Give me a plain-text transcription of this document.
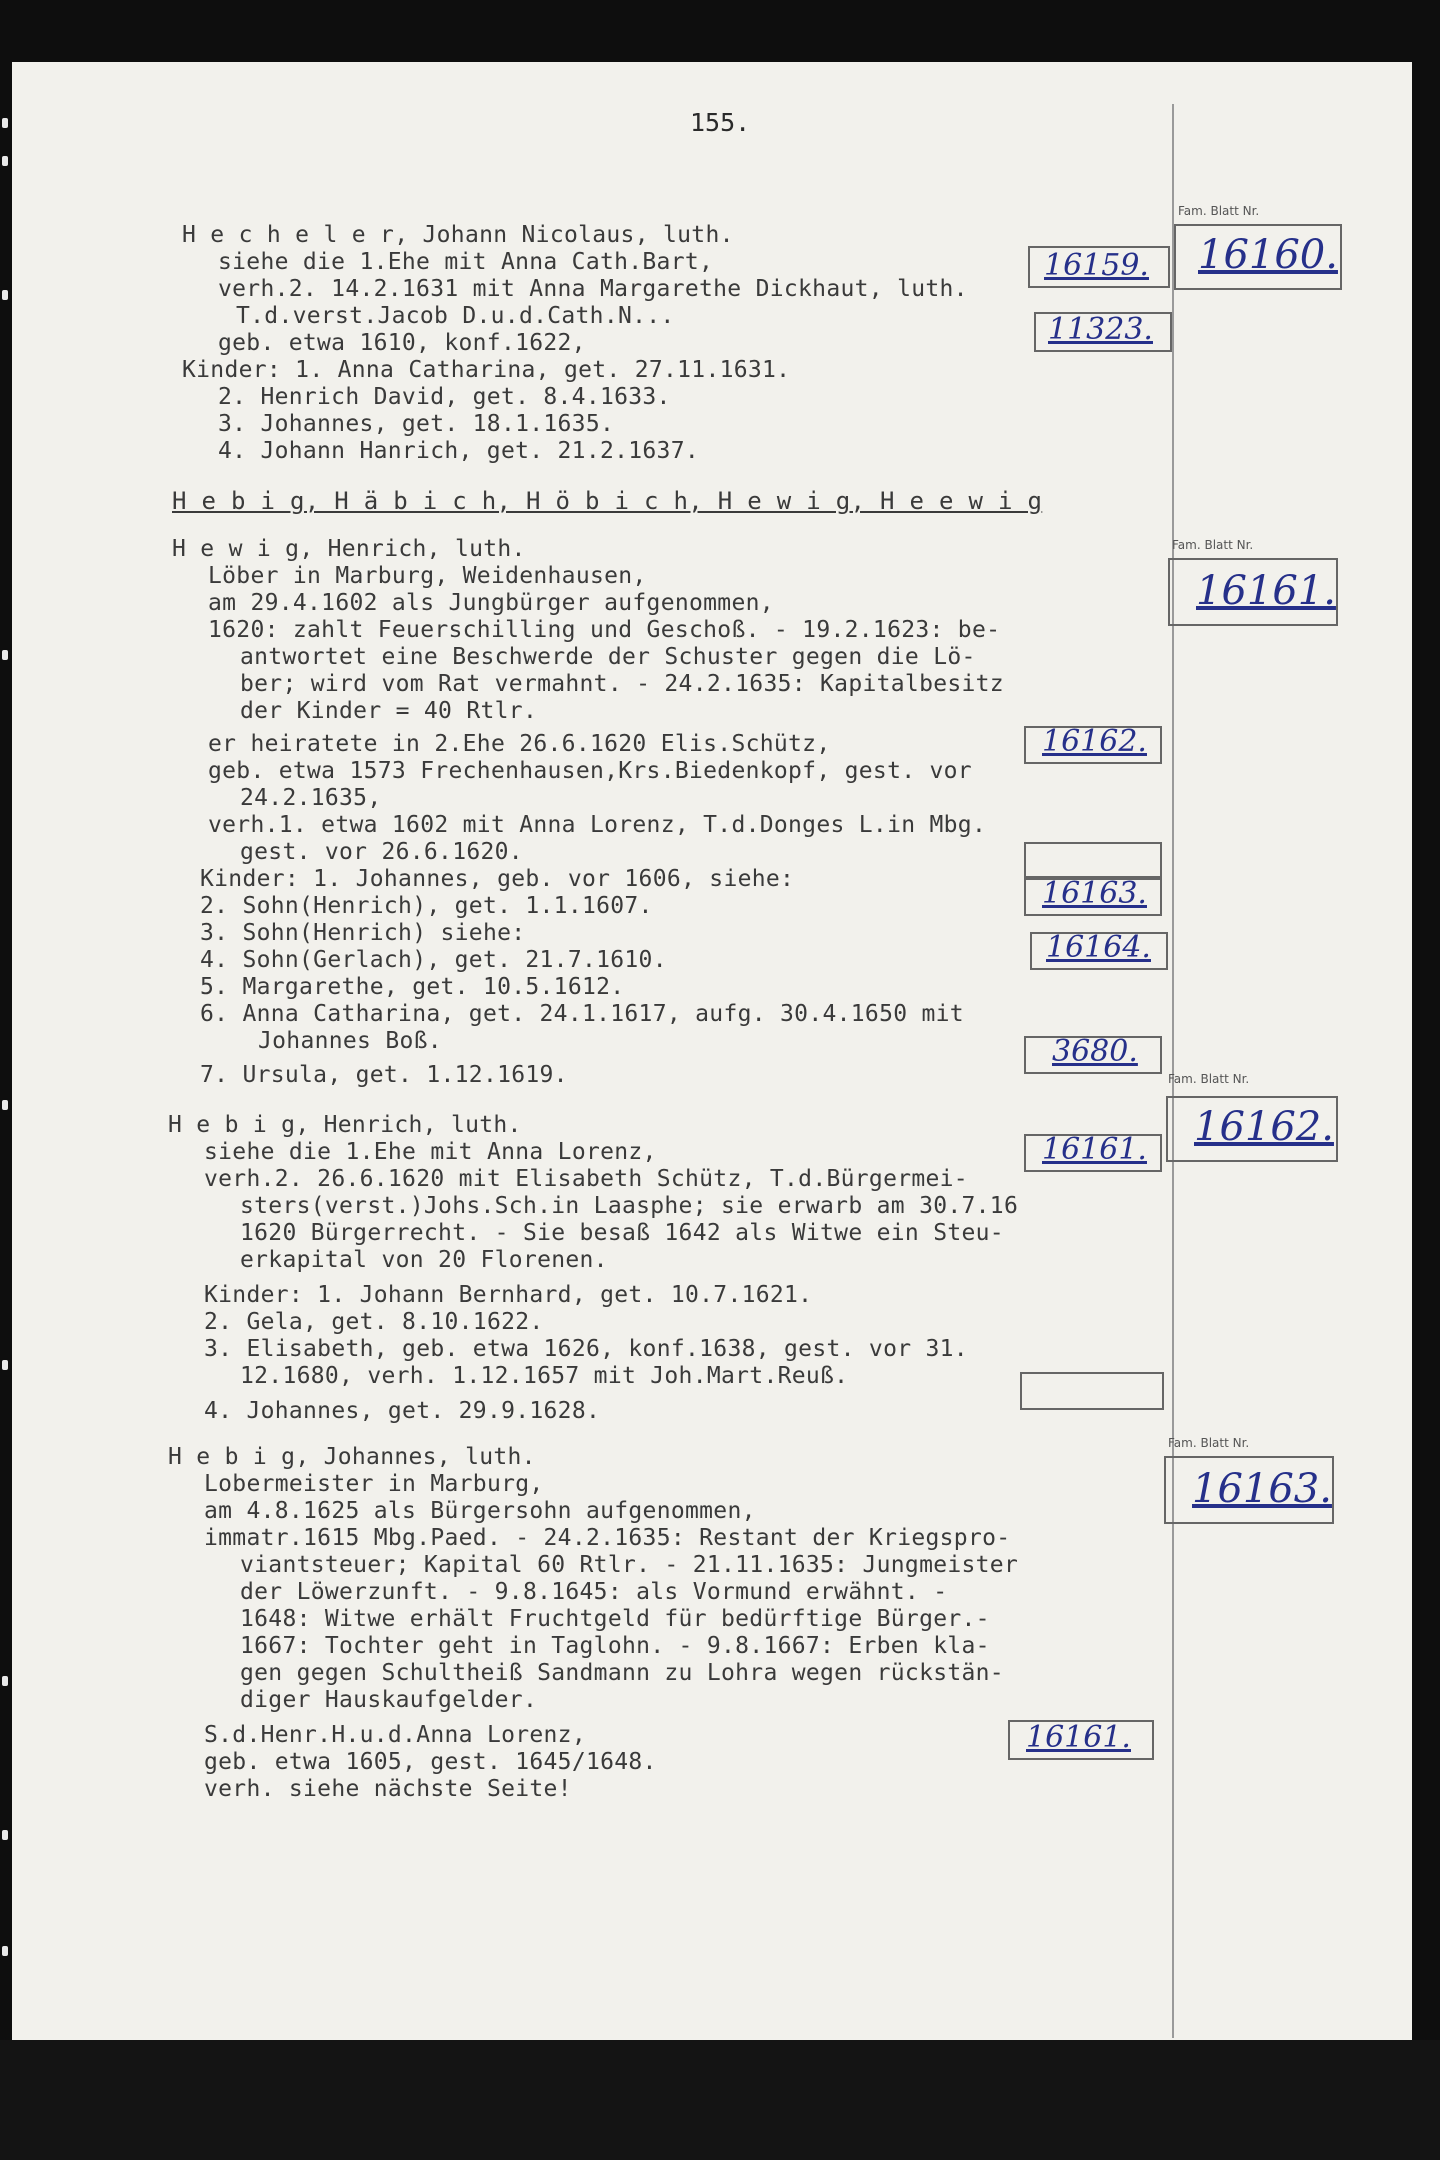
155.
Fam. Blatt Nr.
Fam. Blatt Nr.
Fam. Blatt Nr.
Fam. Blatt Nr.
H e c h e l e r, Johann Nicolaus, luth.
siehe die 1.Ehe mit Anna Cath.Bart,
verh.2. 14.2.1631 mit Anna Margarethe Dickhaut, luth.
T.d.verst.Jacob D.u.d.Cath.N...
geb. etwa 1610, konf.1622,
Kinder: 1. Anna Catharina, get. 27.11.1631.
2. Henrich David, get. 8.4.1633.
3. Johannes, get. 18.1.1635.
4. Johann Hanrich, get. 21.2.1637.
H e b i g, H ä b i c h, H ö b i c h, H e w i g, H e e w i g
H e w i g, Henrich, luth.
Löber in Marburg, Weidenhausen,
am 29.4.1602 als Jungbürger aufgenommen,
1620: zahlt Feuerschilling und Geschoß. - 19.2.1623: be-
antwortet eine Beschwerde der Schuster gegen die Lö-
ber; wird vom Rat vermahnt. - 24.2.1635: Kapitalbesitz
der Kinder = 40 Rtlr.
er heiratete in 2.Ehe 26.6.1620 Elis.Schütz,
geb. etwa 1573 Frechenhausen,Krs.Biedenkopf, gest. vor
24.2.1635,
verh.1. etwa 1602 mit Anna Lorenz, T.d.Donges L.in Mbg.
gest. vor 26.6.1620.
Kinder: 1. Johannes, geb. vor 1606, siehe:
2. Sohn(Henrich), get. 1.1.1607.
3. Sohn(Henrich) siehe:
4. Sohn(Gerlach), get. 21.7.1610.
5. Margarethe, get. 10.5.1612.
6. Anna Catharina, get. 24.1.1617, aufg. 30.4.1650 mit
Johannes Boß.
7. Ursula, get. 1.12.1619.
H e b i g, Henrich, luth.
siehe die 1.Ehe mit Anna Lorenz,
verh.2. 26.6.1620 mit Elisabeth Schütz, T.d.Bürgermei-
sters(verst.)Johs.Sch.in Laasphe; sie erwarb am 30.7.16
1620 Bürgerrecht. - Sie besaß 1642 als Witwe ein Steu-
erkapital von 20 Florenen.
Kinder: 1. Johann Bernhard, get. 10.7.1621.
2. Gela, get. 8.10.1622.
3. Elisabeth, geb. etwa 1626, konf.1638, gest. vor 31.
12.1680, verh. 1.12.1657 mit Joh.Mart.Reuß.
4. Johannes, get. 29.9.1628.
H e b i g, Johannes, luth.
Lobermeister in Marburg,
am 4.8.1625 als Bürgersohn aufgenommen,
immatr.1615 Mbg.Paed. - 24.2.1635: Restant der Kriegspro-
viantsteuer; Kapital 60 Rtlr. - 21.11.1635: Jungmeister
der Löwerzunft. - 9.8.1645: als Vormund erwähnt. -
1648: Witwe erhält Fruchtgeld für bedürftige Bürger.-
1667: Tochter geht in Taglohn. - 9.8.1667: Erben kla-
gen gegen Schultheiß Sandmann zu Lohra wegen rückstän-
diger Hauskaufgelder.
S.d.Henr.H.u.d.Anna Lorenz,
geb. etwa 1605, gest. 1645/1648.
verh. siehe nächste Seite!
16159. 16160.
11323.
16161.
16162.
16163.
16164.
3680.
16162.
16161.
16163.
16161.
